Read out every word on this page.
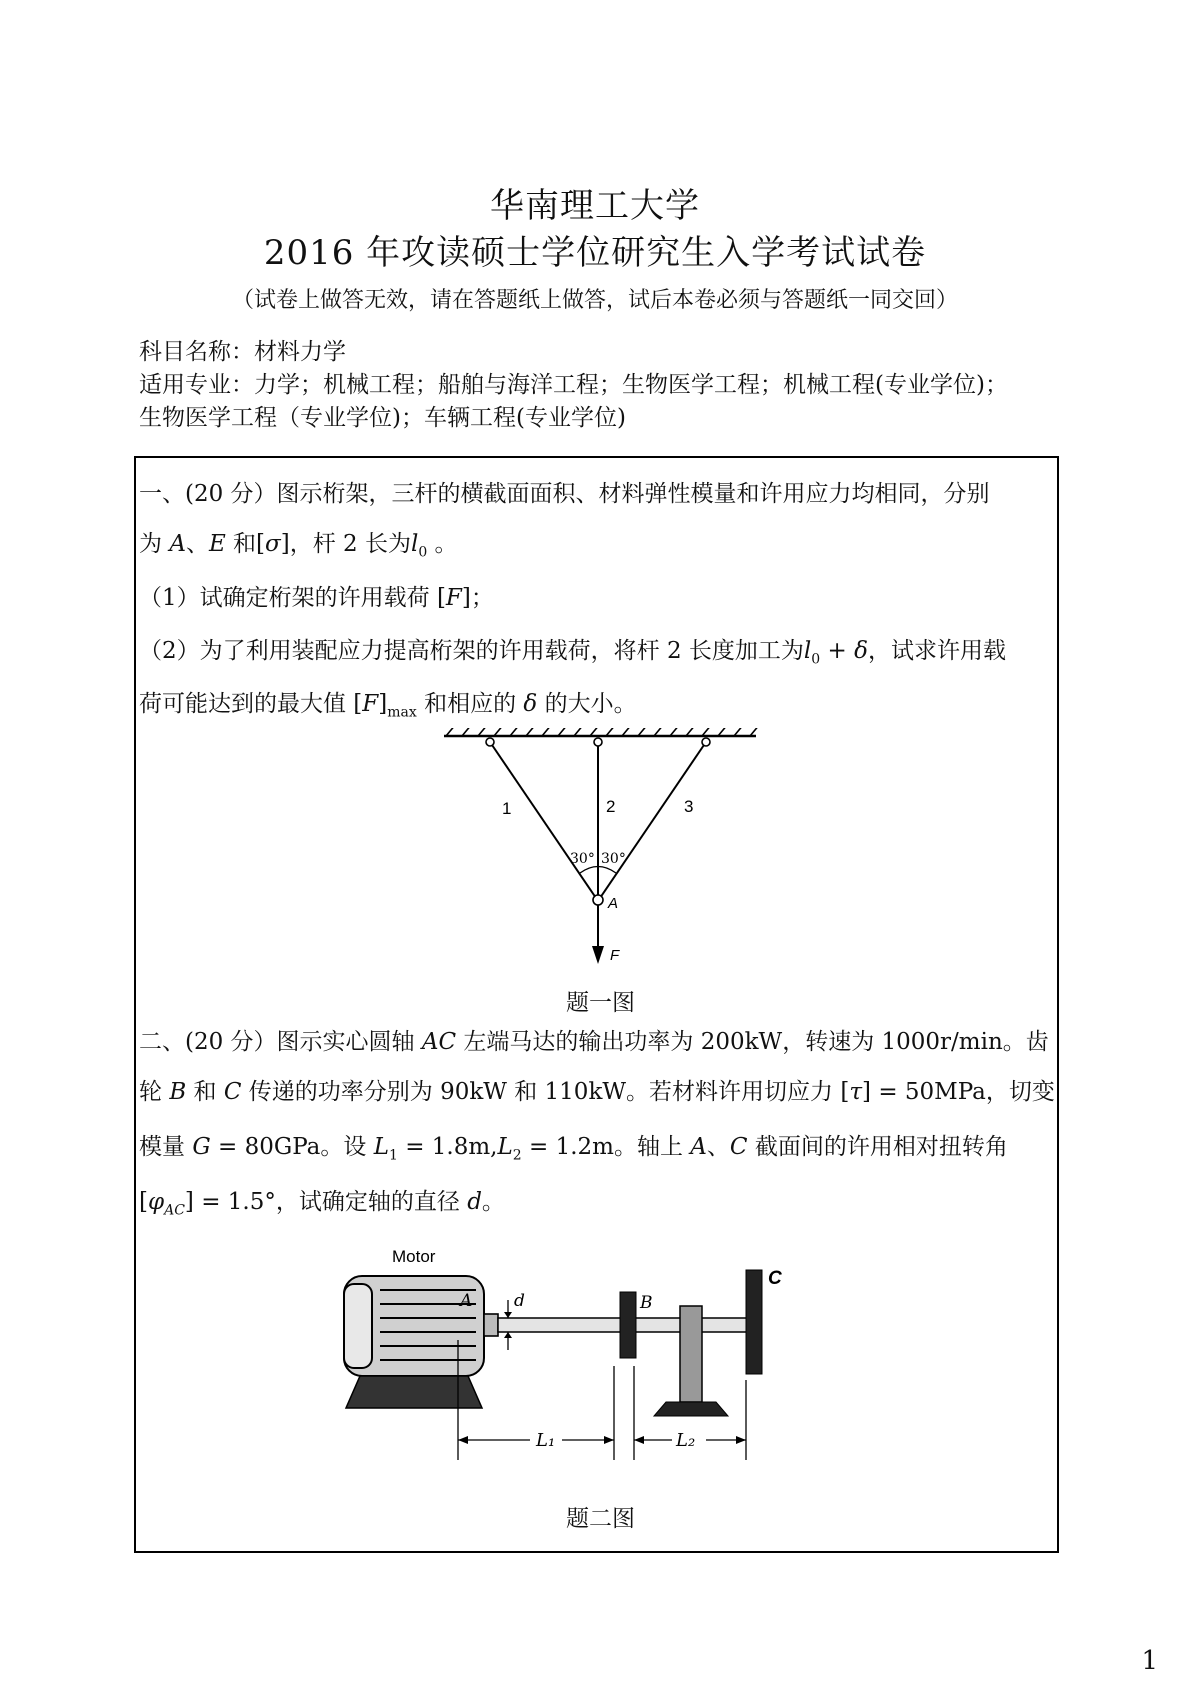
华南理工大学
2016 年攻读硕士学位研究生入学考试试卷
（试卷上做答无效，请在答题纸上做答，试后本卷必须与答题纸一同交回）
科目名称：材料力学
适用专业：力学；机械工程；船舶与海洋工程；生物医学工程；机械工程(专业学位)；
生物医学工程（专业学位)；车辆工程(专业学位)
一、(20 分）图示桁架，三杆的横截面面积、材料弹性模量和许用应力均相同，分别
为 A、E 和[σ]，杆 2 长为$l_0$ 。
（1）试确定桁架的许用载荷 [F]；
（2）为了利用装配应力提高桁架的许用载荷，将杆 2 长度加工为$l_0 + \delta$，试求许用载
荷可能达到的最大值 $[F]_{max}$ 和相应的 δ 的大小。
1	2	3
30° 30°
A
F
题一图
二、(20 分）图示实心圆轴 AC 左端马达的输出功率为 200kW，转速为 1000r/min。齿
轮 B 和 C 传递的功率分别为 90kW 和 110kW。若材料许用切应力 [τ] = 50MPa，切变
模量 G = 80GPa。设 $L_1 = 1.8m,L_2 = 1.2m$。轴上 A、C 截面间的许用相对扭转角
$[\varphi_{AC}] = 1.5^\circ$，试确定轴的直径 d。
Motor
A d	B
C
L₁	L₂
题二图
1
